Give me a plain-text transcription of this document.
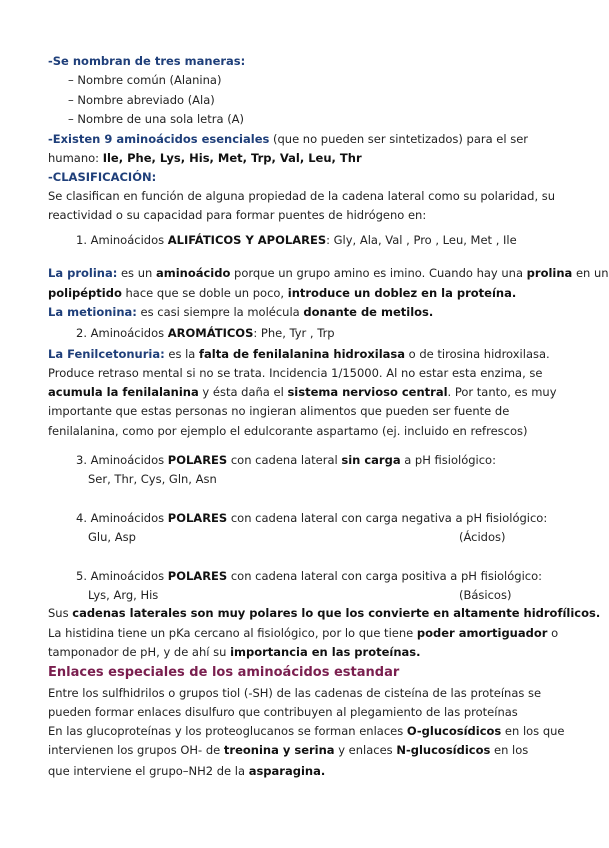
-Se nombran de tres maneras:
– Nombre común (Alanina)
– Nombre abreviado (Ala)
– Nombre de una sola letra (A)
-Existen 9 aminoácidos esenciales (que no pueden ser sintetizados) para el ser
humano: Ile, Phe, Lys, His, Met, Trp, Val, Leu, Thr
-CLASIFICACIÓN:
Se clasifican en función de alguna propiedad de la cadena lateral como su polaridad, su
reactividad o su capacidad para formar puentes de hidrógeno en:
1. Aminoácidos ALIFÁTICOS Y APOLARES: Gly, Ala, Val , Pro , Leu, Met , Ile
La prolina: es un aminoácido porque un grupo amino es imino. Cuando hay una prolina en un
polipéptido hace que se doble un poco, introduce un doblez en la proteína.
La metionina: es casi siempre la molécula donante de metilos.
2. Aminoácidos AROMÁTICOS: Phe, Tyr , Trp
La Fenilcetonuria: es la falta de fenilalanina hidroxilasa o de tirosina hidroxilasa.
Produce retraso mental si no se trata. Incidencia 1/15000. Al no estar esta enzima, se
acumula la fenilalanina y ésta daña el sistema nervioso central. Por tanto, es muy
importante que estas personas no ingieran alimentos que pueden ser fuente de
fenilalanina, como por ejemplo el edulcorante aspartamo (ej. incluido en refrescos)
3. Aminoácidos POLARES con cadena lateral sin carga a pH fisiológico:
Ser, Thr, Cys, Gln, Asn
4. Aminoácidos POLARES con cadena lateral con carga negativa a pH fisiológico:
Glu, Asp	(Ácidos)
5. Aminoácidos POLARES con cadena lateral con carga positiva a pH fisiológico:
Lys, Arg, His	(Básicos)
Sus cadenas laterales son muy polares lo que los convierte en altamente hidrofílicos.
La histidina tiene un pKa cercano al fisiológico, por lo que tiene poder amortiguador o
tamponador de pH, y de ahí su importancia en las proteínas.
Enlaces especiales de los aminoácidos estandar
Entre los sulfhidrilos o grupos tiol (-SH) de las cadenas de cisteína de las proteínas se
pueden formar enlaces disulfuro que contribuyen al plegamiento de las proteínas
En las glucoproteínas y los proteoglucanos se forman enlaces O-glucosídicos en los que
intervienen los grupos OH- de treonina y serina y enlaces N-glucosídicos en los
que interviene el grupo–NH2 de la asparagina.
